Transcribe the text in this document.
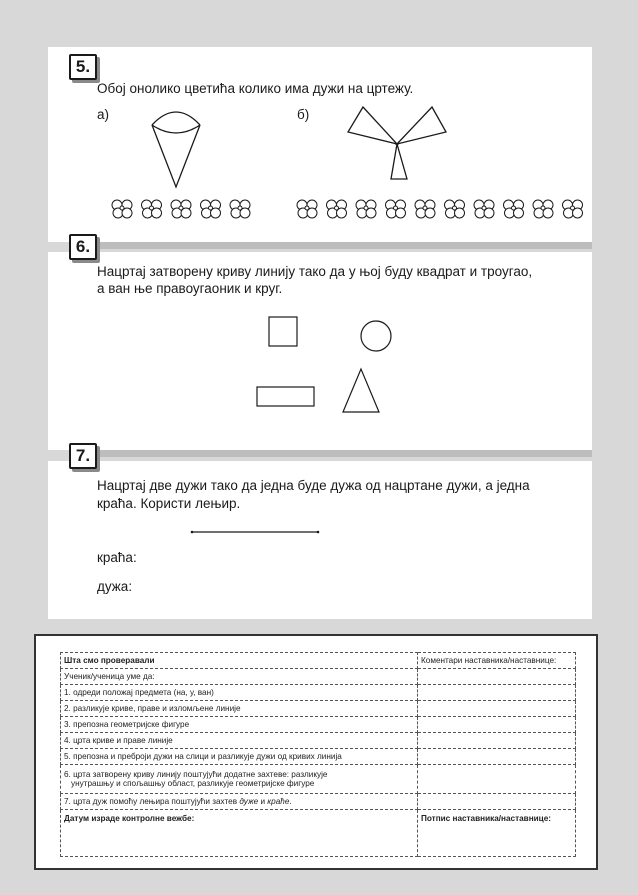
5.
Обој онолико цветића колико има дужи на цртежу.
а)	б)
6.
Нацртај затворену криву линију тако да у њој буду квадрат и троугао,
а ван ње правоугаоник и круг.
7.
Нацртај две дужи тако да једна буде дужа од нацртане дужи, а једна
краћа. Користи лењир.
краћа:
дужа:
Шта смо проверавали	Коментари наставника/наставнице:
Ученик/ученица уме да:	
1. одреди положај предмета (на, у, ван)	
2. разликује криве, праве и изломљене линије	
3. препозна геометријске фигуре	
4. црта криве и праве линије	
5. препозна и преброји дужи на слици и разликује дужи од кривих линија	

6. црта затворену криву линију поштујући додатне захтеве: разликује
унутрашњу и спољашњу област, разликује геометријске фигуре	

7. црта дуж помоћу лењира поштујући захтев дуже и краће.	
Датум израде контролне вежбе:	Потпис наставника/наставнице:
